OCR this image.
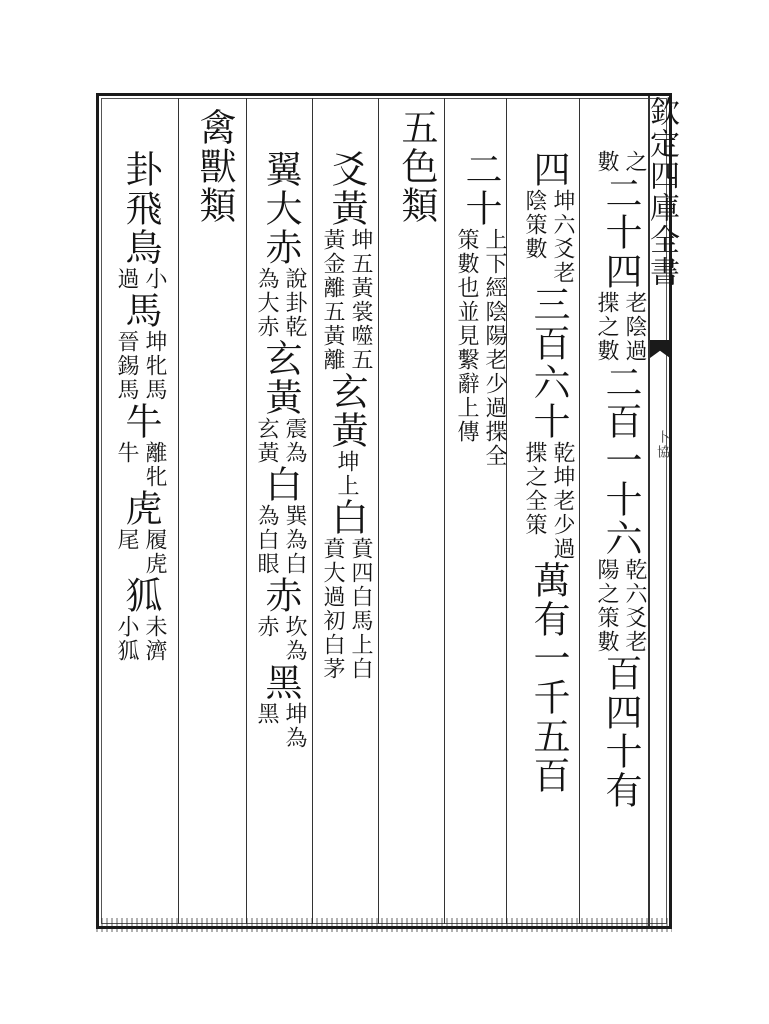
欽定四庫全書
卜協
之
數
二十四
老陰過
揲之數
二百一十六
乾六爻老
陽之策數
百四十有
四
坤六爻老
陰策數
三百六十
乾坤老少過
揲之全策
萬有一千五百
二十
上下經陰陽老少過揲全
策數也並見繫辭上傳
五色類
爻黃
坤五黃裳噬五
黃金離五黃離
玄黃
坤上
白
賁四白馬上白
賁大過初白茅
翼大赤
說卦乾
為大赤
玄黃
震為
玄黃
白
巽為白
為白眼
赤
坎為
赤
黑
坤為
黑
禽獸類
卦飛鳥
小
過
馬
坤牝馬
晉錫馬
牛
離牝
牛
虎
履虎
尾
狐
未濟
小狐
